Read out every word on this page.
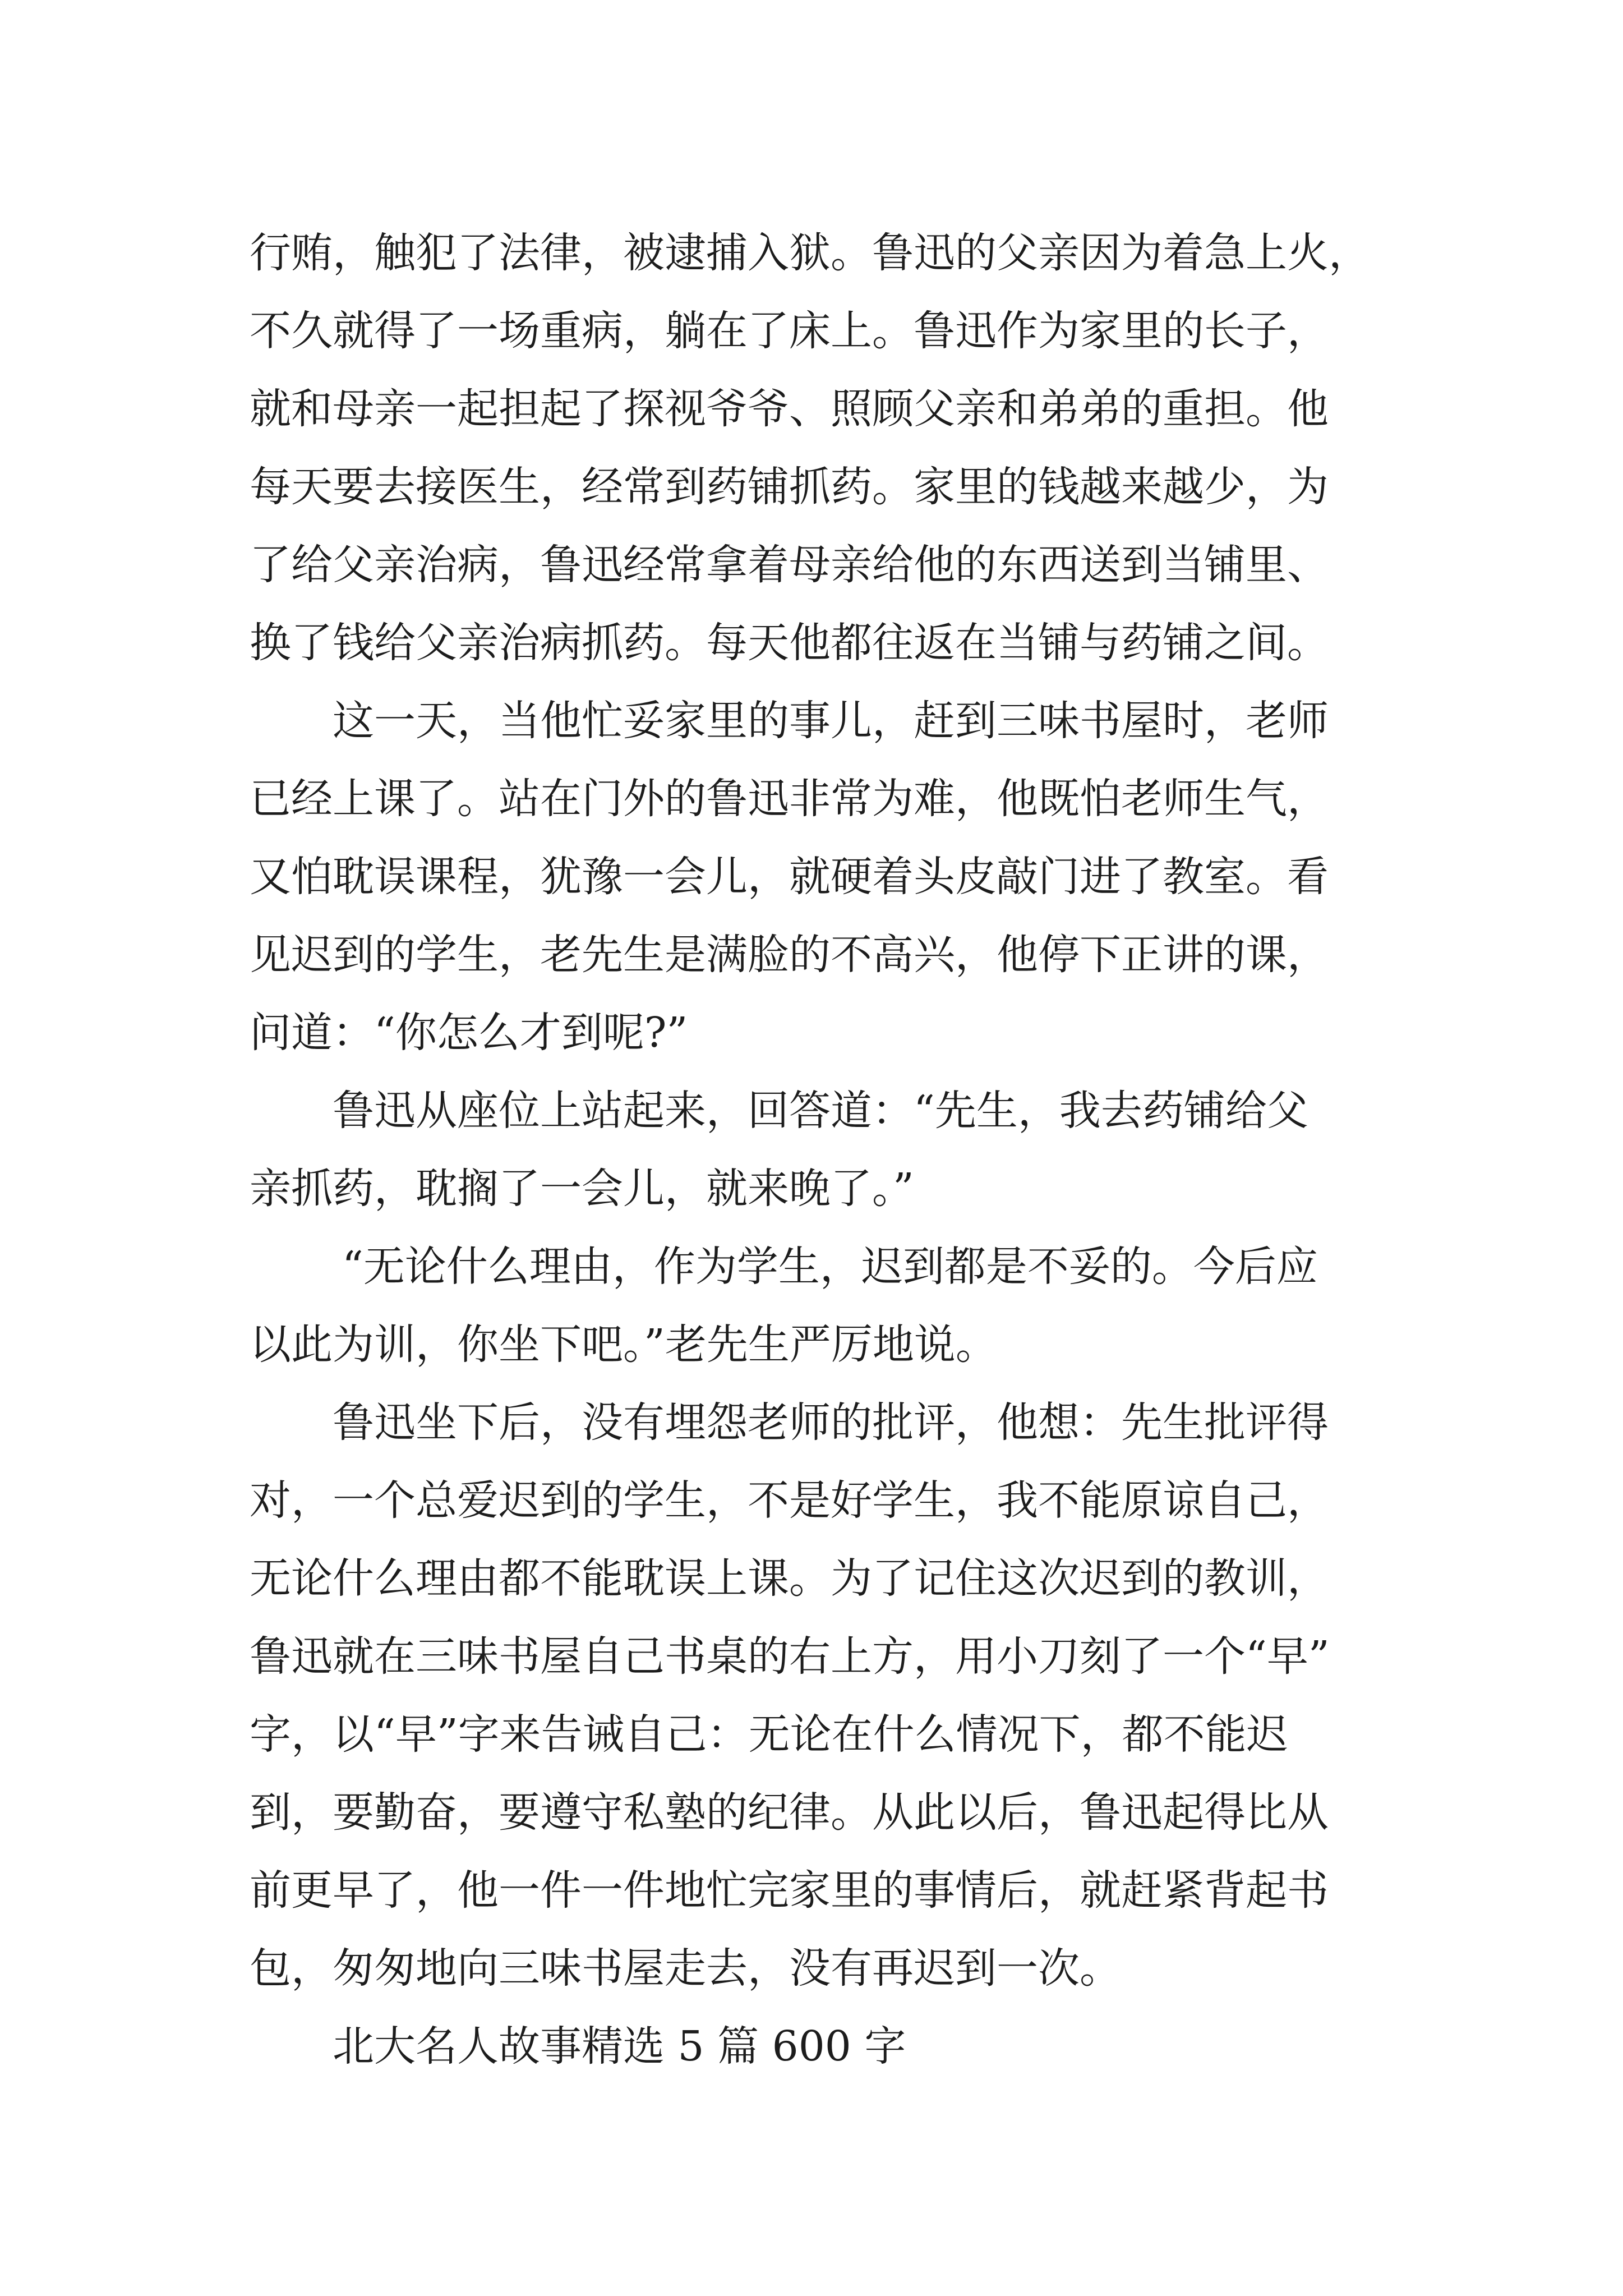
行贿，触犯了法律，被逮捕入狱。鲁迅的父亲因为着急上火，
不久就得了一场重病，躺在了床上。鲁迅作为家里的长子，
就和母亲一起担起了探视爷爷、照顾父亲和弟弟的重担。他
每天要去接医生，经常到药铺抓药。家里的钱越来越少，为
了给父亲治病，鲁迅经常拿着母亲给他的东西送到当铺里、
换了钱给父亲治病抓药。每天他都往返在当铺与药铺之间。
这一天，当他忙妥家里的事儿，赶到三味书屋时，老师
已经上课了。站在门外的鲁迅非常为难，他既怕老师生气，
又怕耽误课程，犹豫一会儿，就硬着头皮敲门进了教室。看
见迟到的学生，老先生是满脸的不高兴，他停下正讲的课，
问道：“你怎么才到呢?”
鲁迅从座位上站起来，回答道：“先生，我去药铺给父
亲抓药，耽搁了一会儿，就来晚了。”
“无论什么理由，作为学生，迟到都是不妥的。今后应
以此为训，你坐下吧。”老先生严厉地说。
鲁迅坐下后，没有埋怨老师的批评，他想：先生批评得
对，一个总爱迟到的学生，不是好学生，我不能原谅自己，
无论什么理由都不能耽误上课。为了记住这次迟到的教训，
鲁迅就在三味书屋自己书桌的右上方，用小刀刻了一个“早”
字，以“早”字来告诫自己：无论在什么情况下，都不能迟
到，要勤奋，要遵守私塾的纪律。从此以后，鲁迅起得比从
前更早了，他一件一件地忙完家里的事情后，就赶紧背起书
包，匆匆地向三味书屋走去，没有再迟到一次。
北大名人故事精选 5 篇 600 字
